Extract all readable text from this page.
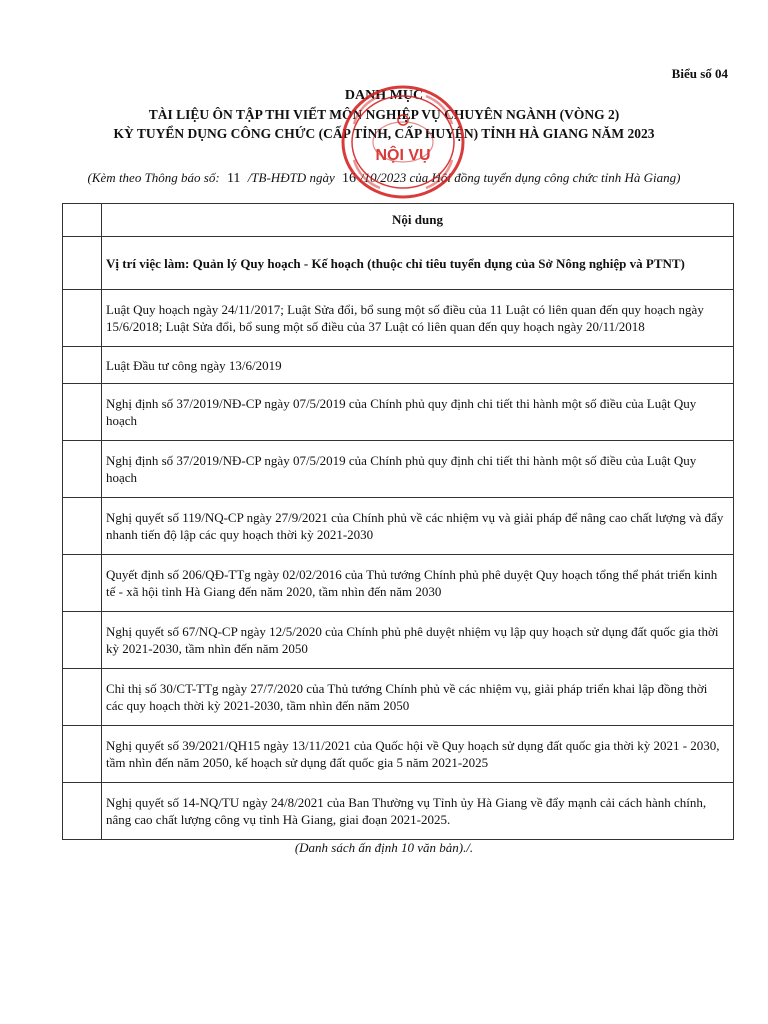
Biểu số 04
DANH MỤC
TÀI LIỆU ÔN TẬP THI VIẾT MÔN NGHIỆP VỤ CHUYÊN NGÀNH (VÒNG 2)
KỲ TUYỂN DỤNG CÔNG CHỨC (CẤP TỈNH, CẤP HUYỆN) TỈNH HÀ GIANG NĂM 2023
(Kèm theo Thông báo số: 11 /TB-HĐTD ngày 16 /10/2023 của Hội đồng tuyển dụng công chức tỉnh Hà Giang)
NỘI VỤ
	Nội dung
	Vị trí việc làm: Quản lý Quy hoạch - Kế hoạch (thuộc chỉ tiêu tuyển dụng của Sở Nông nghiệp và PTNT)
	Luật Quy hoạch ngày 24/11/2017; Luật Sửa đổi, bổ sung một số điều của 11 Luật có liên quan đến quy hoạch ngày 15/6/2018; Luật Sửa đổi, bổ sung một số điều của 37 Luật có liên quan đến quy hoạch ngày 20/11/2018
	Luật Đầu tư công ngày 13/6/2019
	Nghị định số 37/2019/NĐ-CP ngày 07/5/2019 của Chính phủ quy định chi tiết thi hành một số điều của Luật Quy hoạch
	Nghị định số 37/2019/NĐ-CP ngày 07/5/2019 của Chính phủ quy định chi tiết thi hành một số điều của Luật Quy hoạch
	Nghị quyết số 119/NQ-CP ngày 27/9/2021 của Chính phủ về các nhiệm vụ và giải pháp để nâng cao chất lượng và đẩy nhanh tiến độ lập các quy hoạch thời kỳ 2021-2030
	Quyết định số 206/QĐ-TTg ngày 02/02/2016 của Thủ tướng Chính phủ phê duyệt Quy hoạch tổng thể phát triển kinh tế - xã hội tỉnh Hà Giang đến năm 2020, tầm nhìn đến năm 2030
	Nghị quyết số 67/NQ-CP ngày 12/5/2020 của Chính phủ phê duyệt nhiệm vụ lập quy hoạch sử dụng đất quốc gia thời kỳ 2021-2030, tầm nhìn đến năm 2050
	Chỉ thị số 30/CT-TTg ngày 27/7/2020 của Thủ tướng Chính phủ về các nhiệm vụ, giải pháp triển khai lập đồng thời các quy hoạch thời kỳ 2021-2030, tầm nhìn đến năm 2050
	Nghị quyết số 39/2021/QH15 ngày 13/11/2021 của Quốc hội về Quy hoạch sử dụng đất quốc gia thời kỳ 2021 - 2030, tầm nhìn đến năm 2050, kế hoạch sử dụng đất quốc gia 5 năm 2021-2025
	Nghị quyết số 14-NQ/TU ngày 24/8/2021 của Ban Thường vụ Tỉnh ủy Hà Giang về đẩy mạnh cải cách hành chính, nâng cao chất lượng công vụ tỉnh Hà Giang, giai đoạn 2021-2025.
(Danh sách ấn định 10 văn bản)./.
